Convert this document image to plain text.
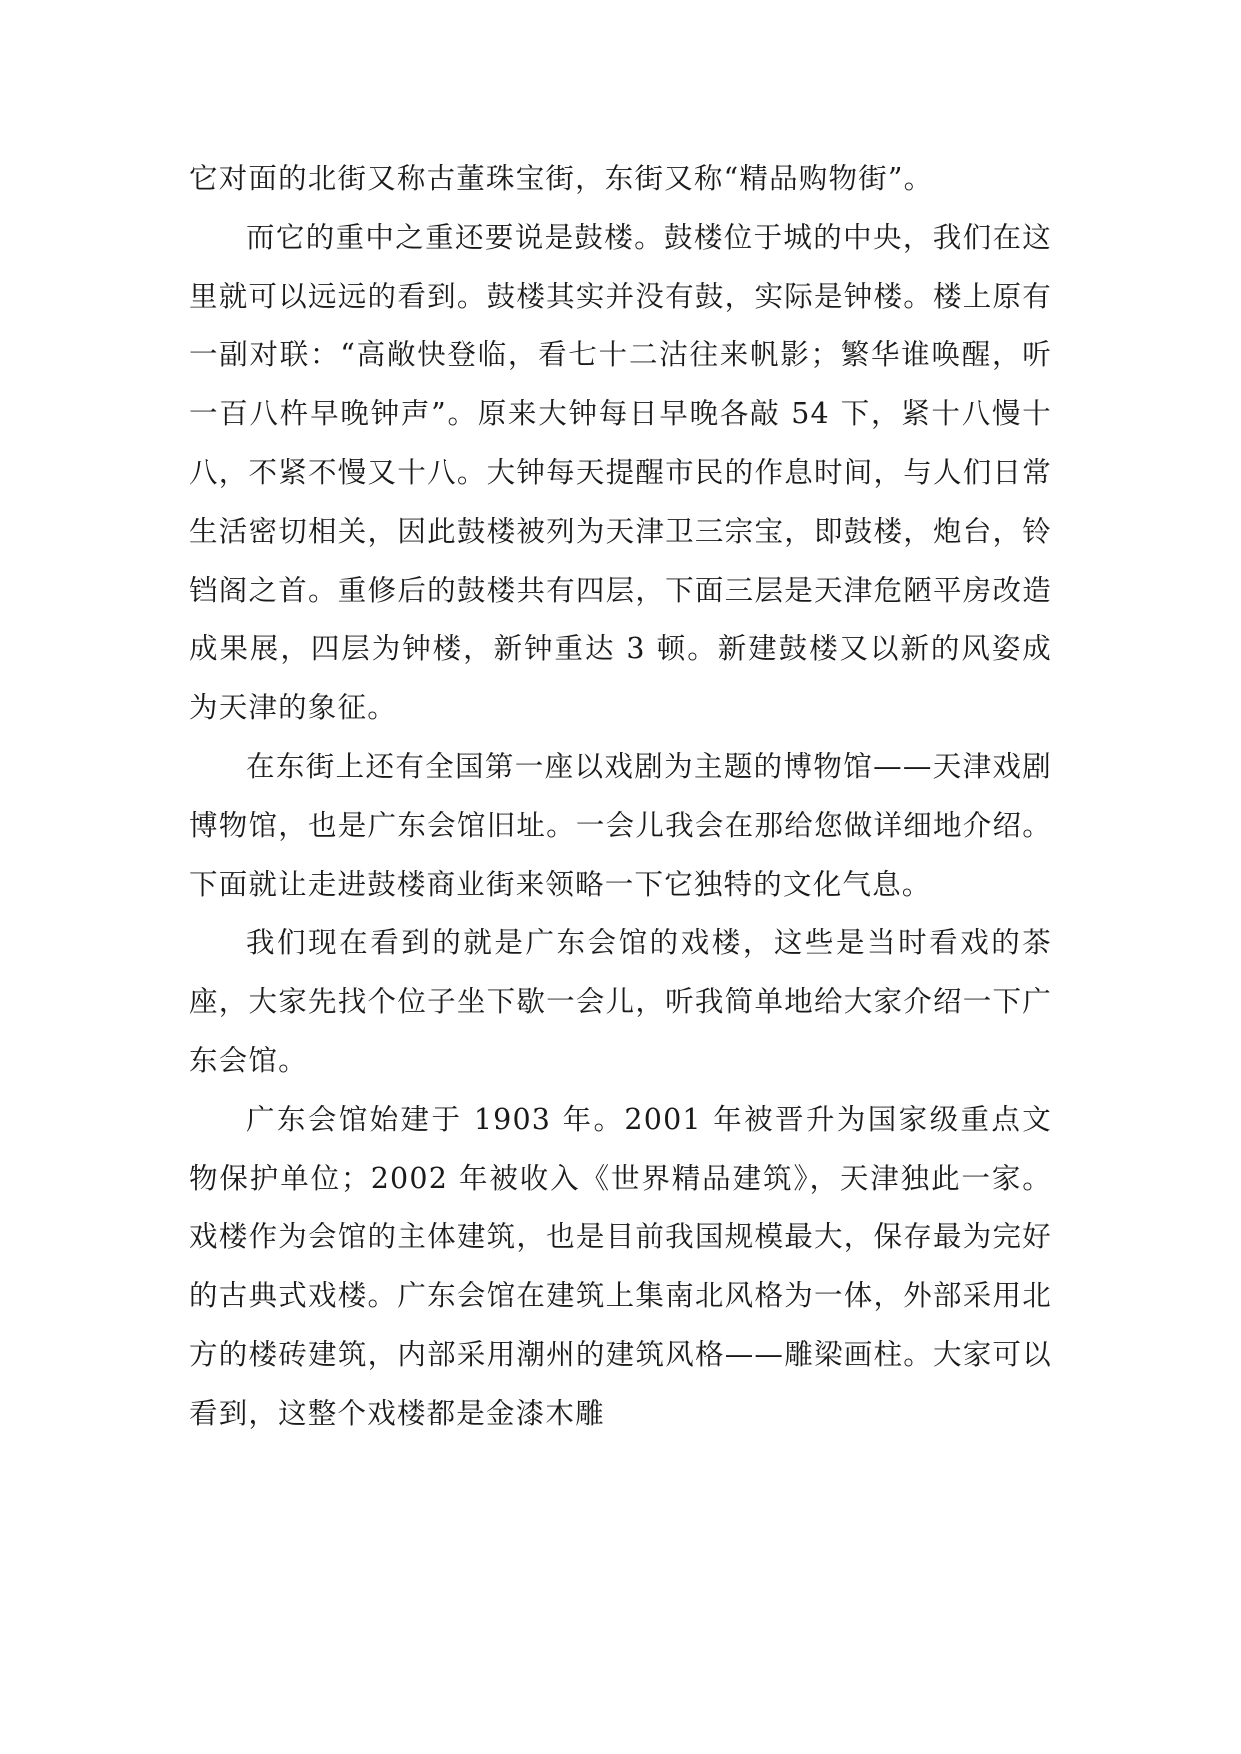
它对面的北街又称古董珠宝街，东街又称“精品购物街”。

而它的重中之重还要说是鼓楼。鼓楼位于城的中央，我们在这里就可以远远的看到。鼓楼其实并没有鼓，实际是钟楼。楼上原有一副对联：“高敞快登临，看七十二沽往来帆影；繁华谁唤醒，听一百八杵早晚钟声”。原来大钟每日早晚各敲 54 下，紧十八慢十八，不紧不慢又十八。大钟每天提醒市民的作息时间，与人们日常生活密切相关，因此鼓楼被列为天津卫三宗宝，即鼓楼，炮台，铃铛阁之首。重修后的鼓楼共有四层，下面三层是天津危陋平房改造成果展，四层为钟楼，新钟重达 3 顿。新建鼓楼又以新的风姿成为天津的象征。

在东街上还有全国第一座以戏剧为主题的博物馆——天津戏剧博物馆，也是广东会馆旧址。一会儿我会在那给您做详细地介绍。下面就让走进鼓楼商业街来领略一下它独特的文化气息。

我们现在看到的就是广东会馆的戏楼，这些是当时看戏的茶座，大家先找个位子坐下歇一会儿，听我简单地给大家介绍一下广东会馆。

广东会馆始建于 1903 年。2001 年被晋升为国家级重点文物保护单位；2002 年被收入《世界精品建筑》，天津独此一家。戏楼作为会馆的主体建筑，也是目前我国规模最大，保存最为完好的古典式戏楼。广东会馆在建筑上集南北风格为一体，外部采用北方的楼砖建筑，内部采用潮州的建筑风格——雕梁画柱。大家可以看到，这整个戏楼都是金漆木雕
